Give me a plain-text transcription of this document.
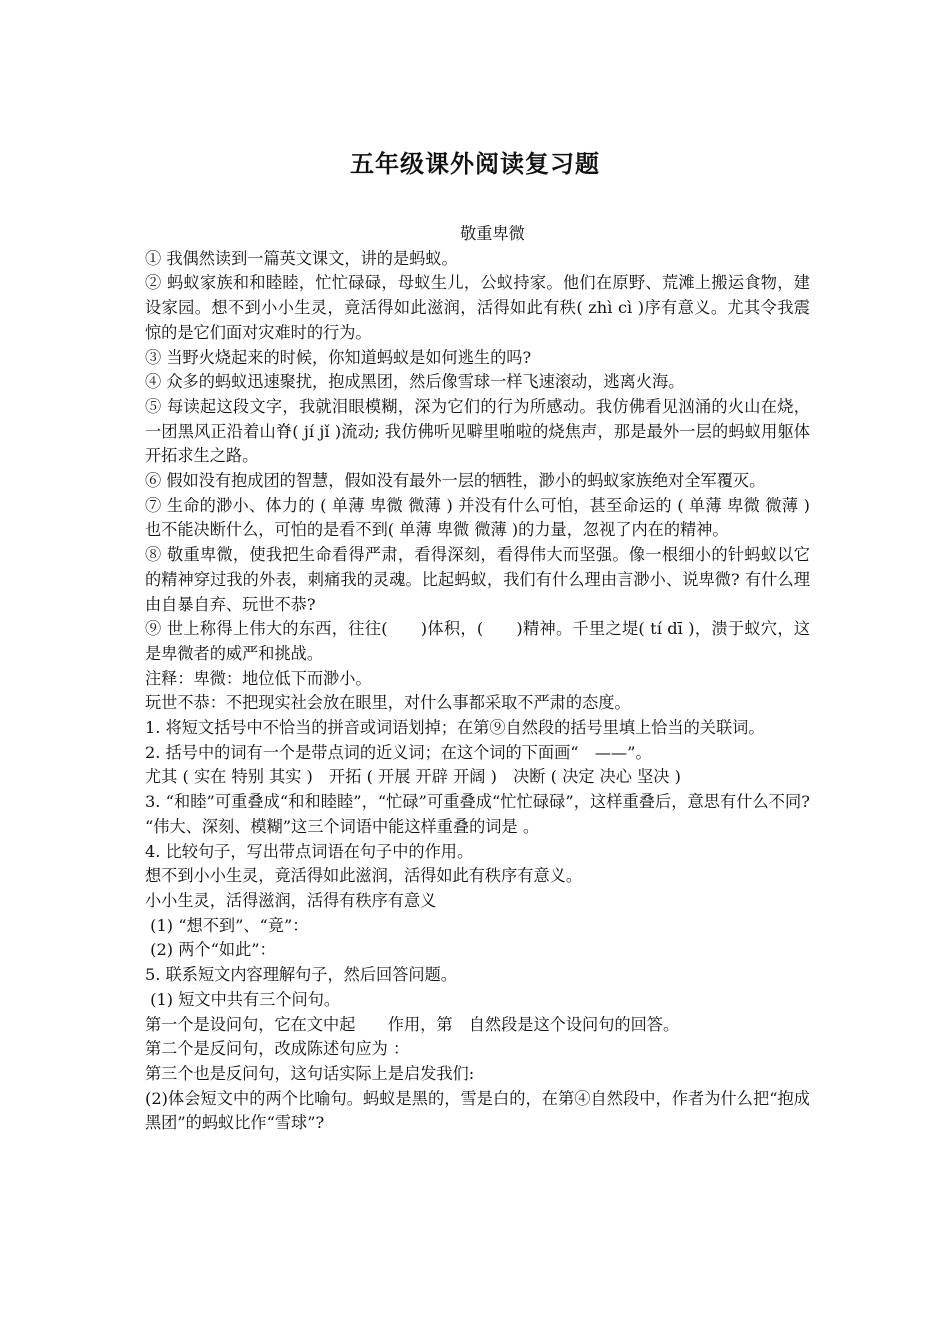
五年级课外阅读复习题

敬重卑微

① 我偶然读到一篇英文课文，讲的是蚂蚁。

② 蚂蚁家族和和睦睦，忙忙碌碌，母蚁生儿，公蚁持家。他们在原野、荒滩上搬运食物，建设家园。想不到小小生灵，竟活得如此滋润，活得如此有秩( zhì cì )序有意义。尤其令我震惊的是它们面对灾难时的行为。

③ 当野火烧起来的时候，你知道蚂蚁是如何逃生的吗?

④ 众多的蚂蚁迅速聚扰，抱成黑团，然后像雪球一样飞速滚动，逃离火海。

⑤ 每读起这段文字，我就泪眼模糊，深为它们的行为所感动。我仿佛看见汹涌的火山在烧，一团黑风正沿着山脊( jí jǐ )流动; 我仿佛听见噼里啪啦的烧焦声，那是最外一层的蚂蚁用躯体开拓求生之路。

⑥ 假如没有抱成团的智慧，假如没有最外一层的牺牲，渺小的蚂蚁家族绝对全军覆灭。

⑦ 生命的渺小、体力的 ( 单薄 卑微 微薄 ) 并没有什么可怕，甚至命运的 ( 单薄 卑微 微薄 )也不能决断什么，可怕的是看不到( 单薄 卑微 微薄 )的力量，忽视了内在的精神。

⑧ 敬重卑微，使我把生命看得严肃，看得深刻，看得伟大而坚强。像一根细小的针蚂蚁以它的精神穿过我的外表，刺痛我的灵魂。比起蚂蚁，我们有什么理由言渺小、说卑微? 有什么理由自暴自弃、玩世不恭?

⑨ 世上称得上伟大的东西，往往(　　)体积，(　　)精神。千里之堤( tí dī )，溃于蚁穴，这是卑微者的威严和挑战。

注释：卑微：地位低下而渺小。

玩世不恭：不把现实社会放在眼里，对什么事都采取不严肃的态度。

1. 将短文括号中不恰当的拼音或词语划掉；在第⑨自然段的括号里填上恰当的关联词。

2. 括号中的词有一个是带点词的近义词；在这个词的下面画“　——”。

尤其 ( 实在 特别 其实 )　开拓 ( 开展 开辟 开阔 )　决断 ( 决定 决心 坚决 )

3. “和睦”可重叠成“和和睦睦”，“忙碌”可重叠成“忙忙碌碌”，这样重叠后，意思有什么不同? “伟大、深刻、模糊”这三个词语中能这样重叠的词是 。

4. 比较句子，写出带点词语在句子中的作用。

想不到小小生灵，竟活得如此滋润，活得如此有秩序有意义。

小小生灵，活得滋润，活得有秩序有意义

(1) “想不到”、“竟”：

(2) 两个“如此”：

5. 联系短文内容理解句子，然后回答问题。

(1) 短文中共有三个问句。

第一个是设问句，它在文中起　　作用，第　自然段是这个设问句的回答。

第二个是反问句，改成陈述句应为 ：

第三个也是反问句，这句话实际上是启发我们:

(2)体会短文中的两个比喻句。蚂蚁是黑的，雪是白的，在第④自然段中，作者为什么把“抱成黑团”的蚂蚁比作“雪球”?
